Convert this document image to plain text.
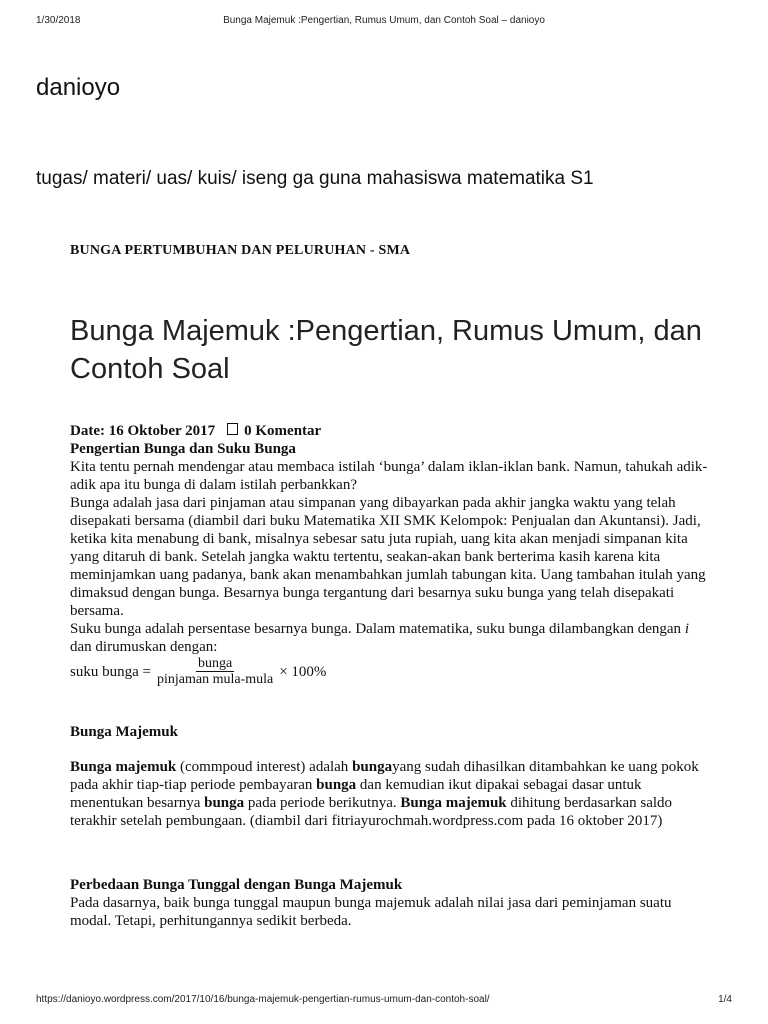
1/30/2018	Bunga Majemuk :Pengertian, Rumus Umum, dan Contoh Soal – danioyo
danioyo
tugas/ materi/ uas/ kuis/ iseng ga guna mahasiswa matematika S1
BUNGA PERTUMBUHAN DAN PELURUHAN - SMA
Bunga Majemuk :Pengertian, Rumus Umum, dan Contoh Soal
Date: 16 Oktober 2017 0 Komentar

Pengertian Bunga dan Suku Bunga

Kita tentu pernah mendengar atau membaca istilah ‘bunga’ dalam iklan-iklan bank. Namun, tahukah adik-adik apa itu bunga di dalam istilah perbankkan?

Bunga adalah jasa dari pinjaman atau simpanan yang dibayarkan pada akhir jangka waktu yang telah disepakati bersama (diambil dari buku Matematika XII SMK Kelompok: Penjualan dan Akuntansi). Jadi, ketika kita menabung di bank, misalnya sebesar satu juta rupiah, uang kita akan menjadi simpanan kita yang ditaruh di bank. Setelah jangka waktu tertentu, seakan-akan bank berterima kasih karena kita meminjamkan uang padanya, bank akan menambahkan jumlah tabungan kita. Uang tambahan itulah yang dimaksud dengan bunga. Besarnya bunga tergantung dari besarnya suku bunga yang telah disepakati bersama.

Suku bunga adalah persentase besarnya bunga. Dalam matematika, suku bunga dilambangkan dengan i dan dirumuskan dengan:

suku bunga = $\frac{\text{bunga}}{\text{pinjaman mula-mula}} \times 100\%$

Bunga Majemuk

Bunga majemuk (commpoud interest) adalah bungayang sudah dihasilkan ditambahkan ke uang pokok pada akhir tiap-tiap periode pembayaran bunga dan kemudian ikut dipakai sebagai dasar untuk menentukan besarnya bunga pada periode berikutnya. Bunga majemuk dihitung berdasarkan saldo terakhir setelah pembungaan. (diambil dari fitriayurochmah.wordpress.com pada 16 oktober 2017)

Perbedaan Bunga Tunggal dengan Bunga Majemuk

Pada dasarnya, baik bunga tunggal maupun bunga majemuk adalah nilai jasa dari peminjaman suatu modal. Tetapi, perhitungannya sedikit berbeda.

https://danioyo.wordpress.com/2017/10/16/bunga-majemuk-pengertian-rumus-umum-dan-contoh-soal/	1/4
